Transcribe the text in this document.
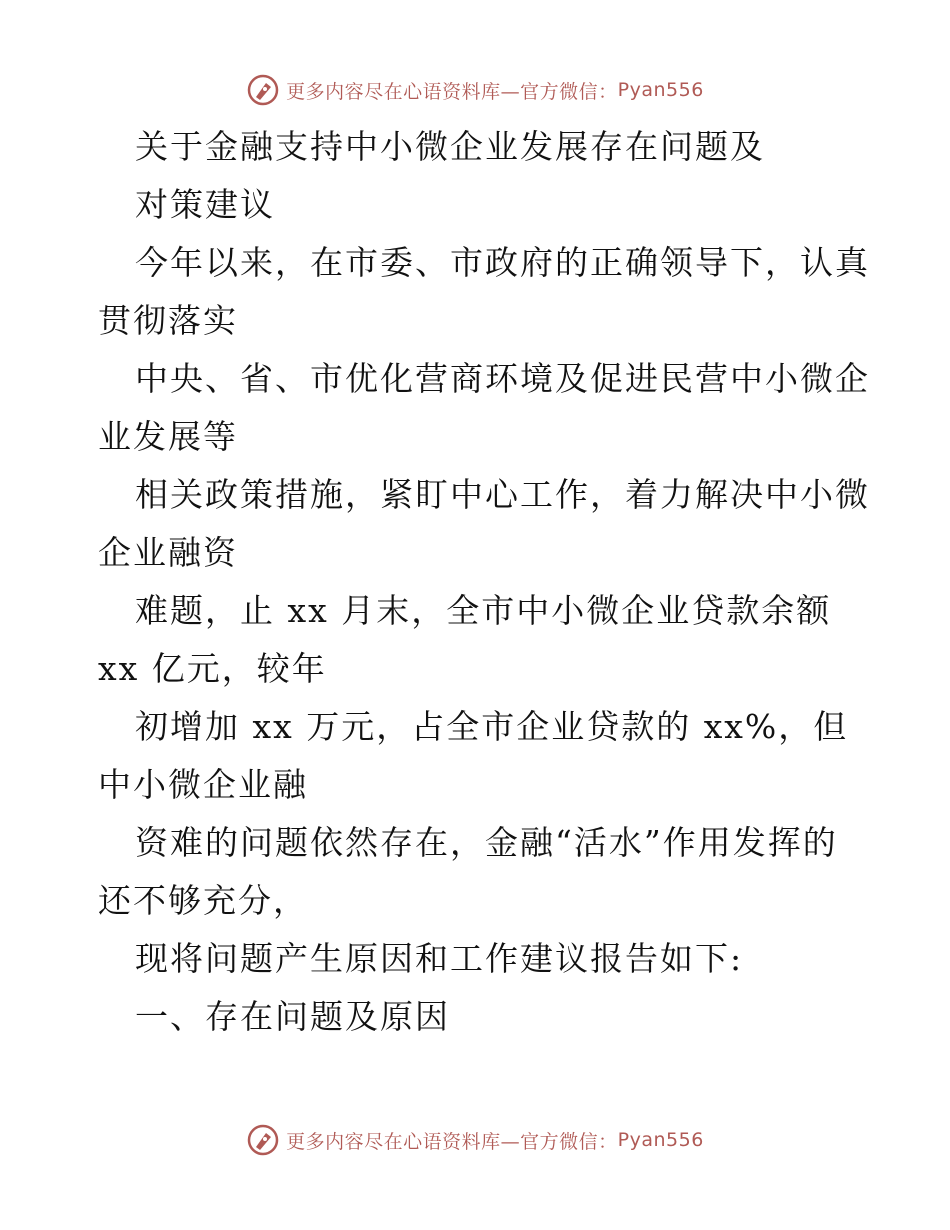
更多内容尽在心语资料库—官方微信： Pyan556
关于金融支持中小微企业发展存在问题及
对策建议
今年以来，在市委、市政府的正确领导下，认真
贯彻落实
中央、省、市优化营商环境及促进民营中小微企
业发展等
相关政策措施，紧盯中心工作，着力解决中小微
企业融资
难题，止 xx 月末，全市中小微企业贷款余额
xx 亿元，较年
初增加 xx 万元，占全市企业贷款的 xx%，但
中小微企业融
资难的问题依然存在，金融“活水”作用发挥的
还不够充分，
现将问题产生原因和工作建议报告如下:
一、存在问题及原因
更多内容尽在心语资料库—官方微信： Pyan556
